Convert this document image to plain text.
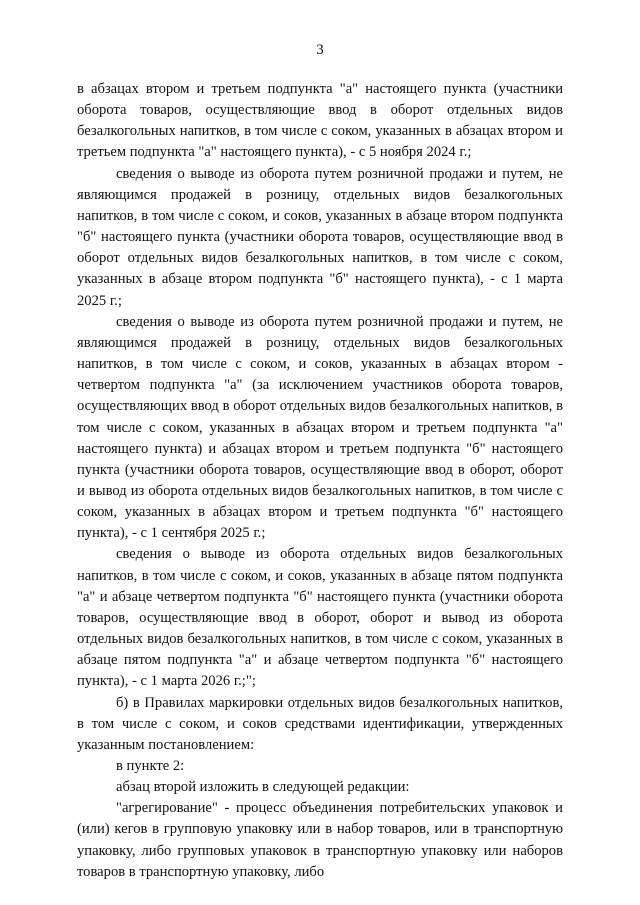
3

в абзацах втором и третьем подпункта "а" настоящего пункта (участники оборота товаров, осуществляющие ввод в оборот отдельных видов безалкогольных напитков, в том числе с соком, указанных в абзацах втором и третьем подпункта "а" настоящего пункта), - с 5 ноября 2024 г.;

сведения о выводе из оборота путем розничной продажи и путем, не являющимся продажей в розницу, отдельных видов безалкогольных напитков, в том числе с соком, и соков, указанных в абзаце втором подпункта "б" настоящего пункта (участники оборота товаров, осуществляющие ввод в оборот отдельных видов безалкогольных напитков, в том числе с соком, указанных в абзаце втором подпункта "б" настоящего пункта), - с 1 марта 2025 г.;

сведения о выводе из оборота путем розничной продажи и путем, не являющимся продажей в розницу, отдельных видов безалкогольных напитков, в том числе с соком, и соков, указанных в абзацах втором - четвертом подпункта "а" (за исключением участников оборота товаров, осуществляющих ввод в оборот отдельных видов безалкогольных напитков, в том числе с соком, указанных в абзацах втором и третьем подпункта "а" настоящего пункта) и абзацах втором и третьем подпункта "б" настоящего пункта (участники оборота товаров, осуществляющие ввод в оборот, оборот и вывод из оборота отдельных видов безалкогольных напитков, в том числе с соком, указанных в абзацах втором и третьем подпункта "б" настоящего пункта), - с 1 сентября 2025 г.;

сведения о выводе из оборота отдельных видов безалкогольных напитков, в том числе с соком, и соков, указанных в абзаце пятом подпункта "а" и абзаце четвертом подпункта "б" настоящего пункта (участники оборота товаров, осуществляющие ввод в оборот, оборот и вывод из оборота отдельных видов безалкогольных напитков, в том числе с соком, указанных в абзаце пятом подпункта "а" и абзаце четвертом подпункта "б" настоящего пункта), - с 1 марта 2026 г.;";

б) в Правилах маркировки отдельных видов безалкогольных напитков, в том числе с соком, и соков средствами идентификации, утвержденных указанным постановлением:

в пункте 2:

абзац второй изложить в следующей редакции:

"агрегирование" - процесс объединения потребительских упаковок и (или) кегов в групповую упаковку или в набор товаров, или в транспортную упаковку, либо групповых упаковок в транспортную упаковку или наборов товаров в транспортную упаковку, либо
